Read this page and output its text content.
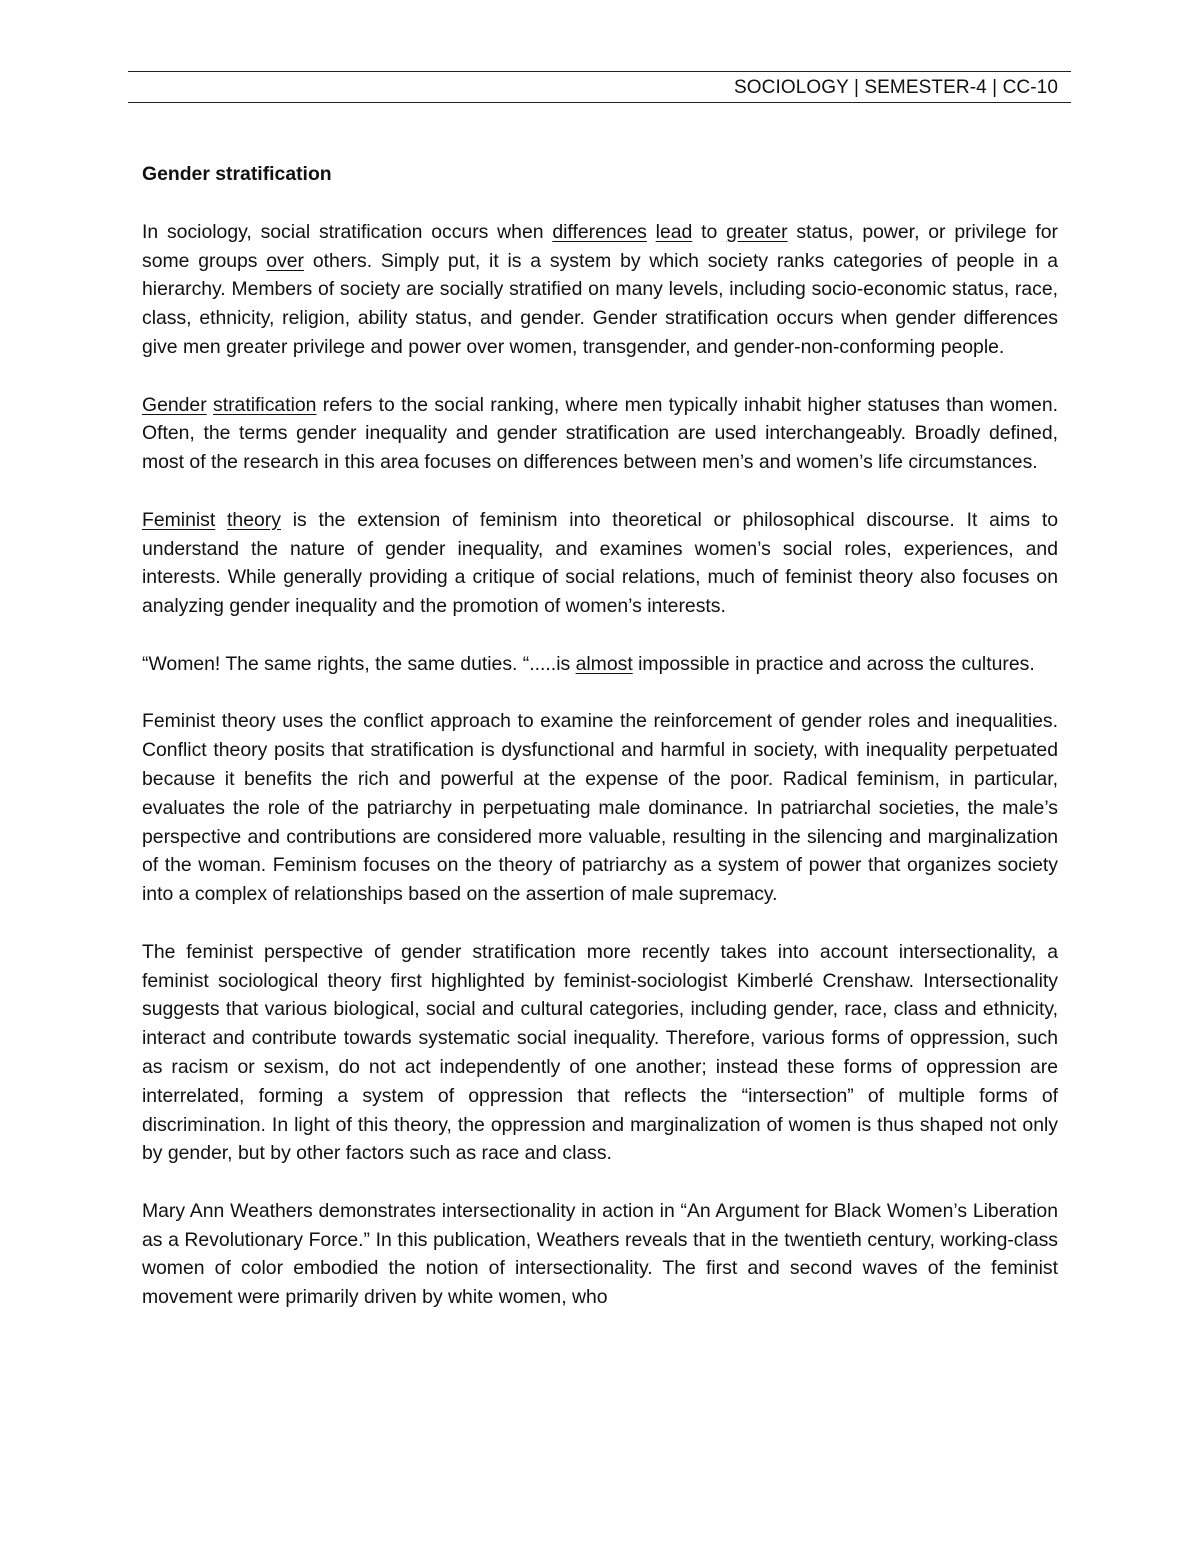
SOCIOLOGY | SEMESTER-4 | CC-10
Gender stratification

In sociology, social stratification occurs when differences lead to greater status, power, or privilege for some groups over others. Simply put, it is a system by which society ranks categories of people in a hierarchy. Members of society are socially stratified on many levels, including socio-economic status, race, class, ethnicity, religion, ability status, and gender. Gender stratification occurs when gender differences give men greater privilege and power over women, transgender, and gender-non-conforming people.

Gender stratification refers to the social ranking, where men typically inhabit higher statuses than women. Often, the terms gender inequality and gender stratification are used interchangeably. Broadly defined, most of the research in this area focuses on differences between men’s and women’s life circumstances.

Feminist theory is the extension of feminism into theoretical or philosophical discourse. It aims to understand the nature of gender inequality, and examines women’s social roles, experiences, and interests. While generally providing a critique of social relations, much of feminist theory also focuses on analyzing gender inequality and the promotion of women’s interests.

“Women! The same rights, the same duties. “.....is almost impossible in practice and across the cultures.

Feminist theory uses the conflict approach to examine the reinforcement of gender roles and inequalities. Conflict theory posits that stratification is dysfunctional and harmful in society, with inequality perpetuated because it benefits the rich and powerful at the expense of the poor. Radical feminism, in particular, evaluates the role of the patriarchy in perpetuating male dominance. In patriarchal societies, the male’s perspective and contributions are considered more valuable, resulting in the silencing and marginalization of the woman. Feminism focuses on the theory of patriarchy as a system of power that organizes society into a complex of relationships based on the assertion of male supremacy.

The feminist perspective of gender stratification more recently takes into account intersectionality, a feminist sociological theory first highlighted by feminist-sociologist Kimberlé Crenshaw. Intersectionality suggests that various biological, social and cultural categories, including gender, race, class and ethnicity, interact and contribute towards systematic social inequality. Therefore, various forms of oppression, such as racism or sexism, do not act independently of one another; instead these forms of oppression are interrelated, forming a system of oppression that reflects the “intersection” of multiple forms of discrimination. In light of this theory, the oppression and marginalization of women is thus shaped not only by gender, but by other factors such as race and class.

Mary Ann Weathers demonstrates intersectionality in action in “An Argument for Black Women’s Liberation as a Revolutionary Force.” In this publication, Weathers reveals that in the twentieth century, working-class women of color embodied the notion of intersectionality. The first and second waves of the feminist movement were primarily driven by white women, who
